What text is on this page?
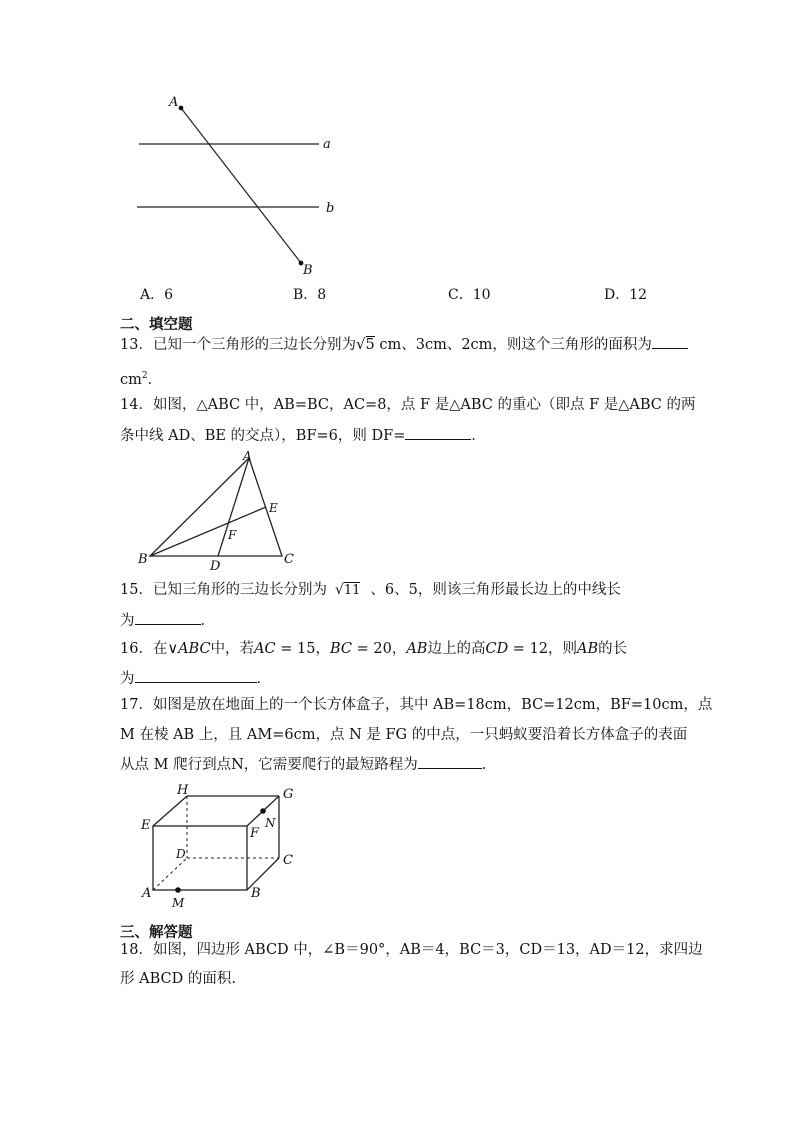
A
B
a
b
A．6	B．8	C．10	D．12
二、填空题
13．已知一个三角形的三边长分别为√5 cm、3cm、2cm，则这个三角形的面积为
$cm^2$．
14．如图，△ABC 中，AB=BC，AC=8，点 F 是△ABC 的重心（即点 F 是△ABC 的两
条中线 AD、BE 的交点），BF=6，则 DF=	．
A
B	C
D
E
F
15．已知三角形的三边长分别为 √11 、6、5，则该三角形最长边上的中线长
为	．
16．在∨ABC中，若AC = 15，BC = 20，AB边上的高CD = 12，则AB的长
为	．
17．如图是放在地面上的一个长方体盒子，其中 AB=18cm，BC=12cm，BF=10cm，点
M 在棱 AB 上，且 AM=6cm，点 N 是 FG 的中点，一只蚂蚁要沿着长方体盒子的表面
从点 M 爬行到点N，它需要爬行的最短路程为	.
H	G
E
F
N
D	C
A	B
M
三、解答题
18．如图，四边形 ABCD 中，∠B＝90°，AB＝4，BC＝3，CD＝13，AD＝12，求四边
形 ABCD 的面积.
